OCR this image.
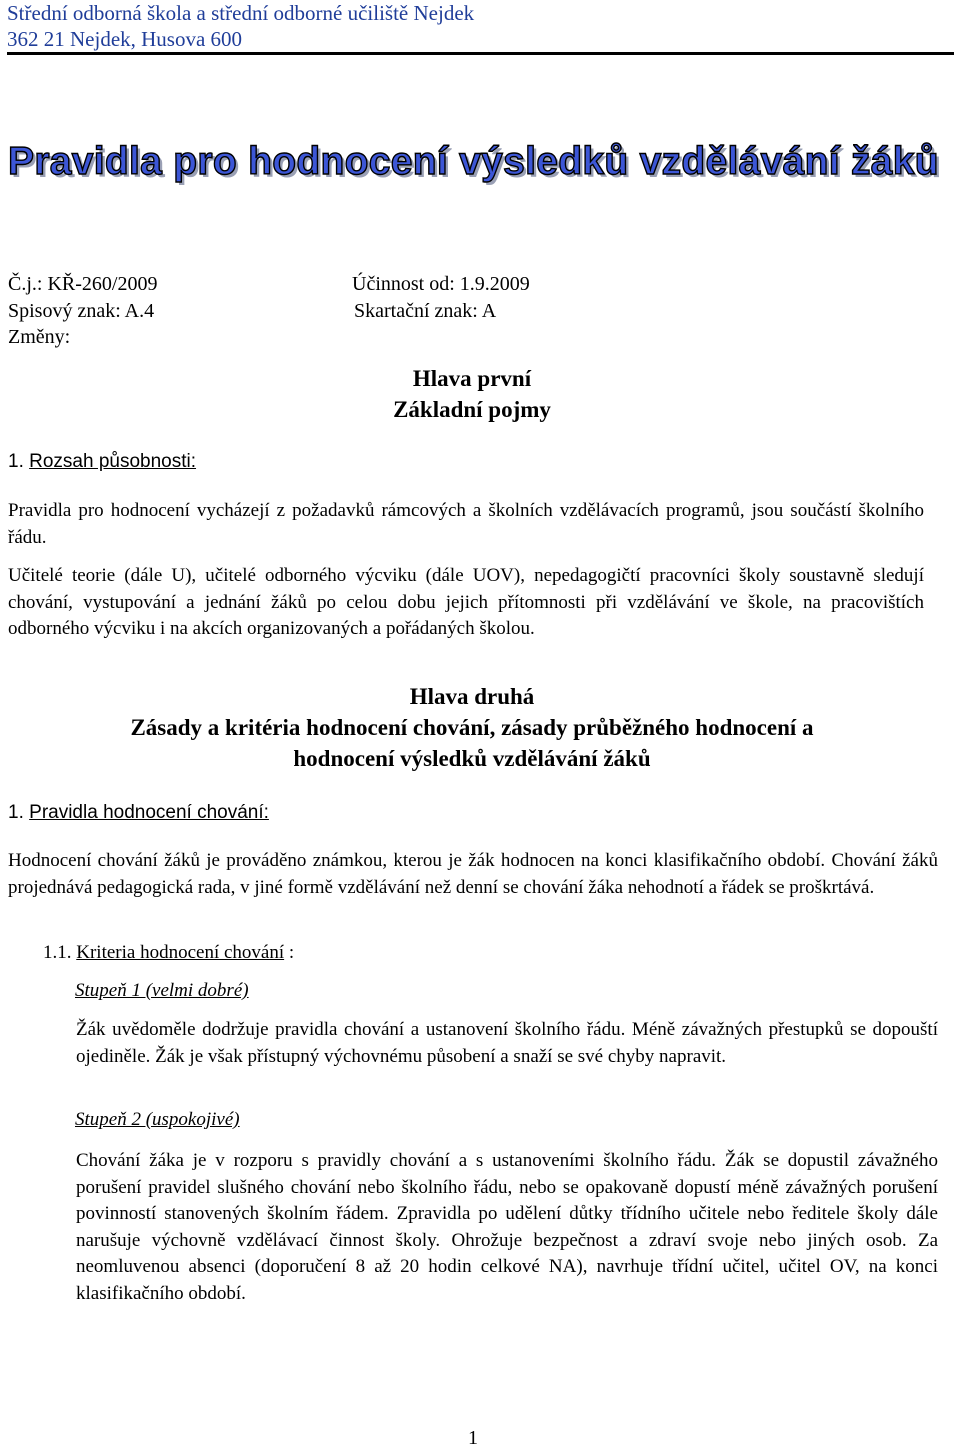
Střední odborná škola a střední odborné učiliště Nejdek
362 21 Nejdek, Husova 600
Pravidla pro hodnocení výsledků vzdělávání žáků
Č.j.: KŘ-260/2009	Účinnost od: 1.9.2009
Spisový znak: A.4	Skartační znak: A
Změny:
Hlava první
Základní pojmy
1. Rozsah působnosti:

Pravidla pro hodnocení vycházejí z požadavků rámcových a školních vzdělávacích programů, jsou součástí školního řádu.

Učitelé teorie (dále U), učitelé odborného výcviku (dále UOV), nepedagogičtí pracovníci školy soustavně sledují chování, vystupování a jednání žáků po celou dobu jejich přítomnosti při vzdělávání ve škole, na pracovištích odborného výcviku i na akcích organizovaných a pořádaných školou.

Hlava druhá
Zásady a kritéria hodnocení chování, zásady průběžného hodnocení a
hodnocení výsledků vzdělávání žáků
1. Pravidla hodnocení chování:

Hodnocení chování žáků je prováděno známkou, kterou je žák hodnocen na konci klasifikačního období. Chování žáků projednává pedagogická rada, v jiné formě vzdělávání než denní se chování žáka nehodnotí a řádek se proškrtává.

1.1. Kriteria hodnocení chování :
Stupeň 1 (velmi dobré)

Žák uvědoměle dodržuje pravidla chování a ustanovení školního řádu. Méně závažných přestupků se dopouští ojediněle. Žák je však přístupný výchovnému působení a snaží se své chyby napravit.

Stupeň 2 (uspokojivé)

Chování žáka je v rozporu s pravidly chování a s ustanoveními školního řádu. Žák se dopustil závažného porušení pravidel slušného chování nebo školního řádu, nebo se opakovaně dopustí méně závažných porušení povinností stanovených školním řádem. Zpravidla po udělení důtky třídního učitele nebo ředitele školy dále narušuje výchovně vzdělávací činnost školy. Ohrožuje bezpečnost a zdraví svoje nebo jiných osob. Za neomluvenou absenci (doporučení 8 až 20 hodin celkové NA), navrhuje třídní učitel, učitel OV, na konci klasifikačního období.

1
